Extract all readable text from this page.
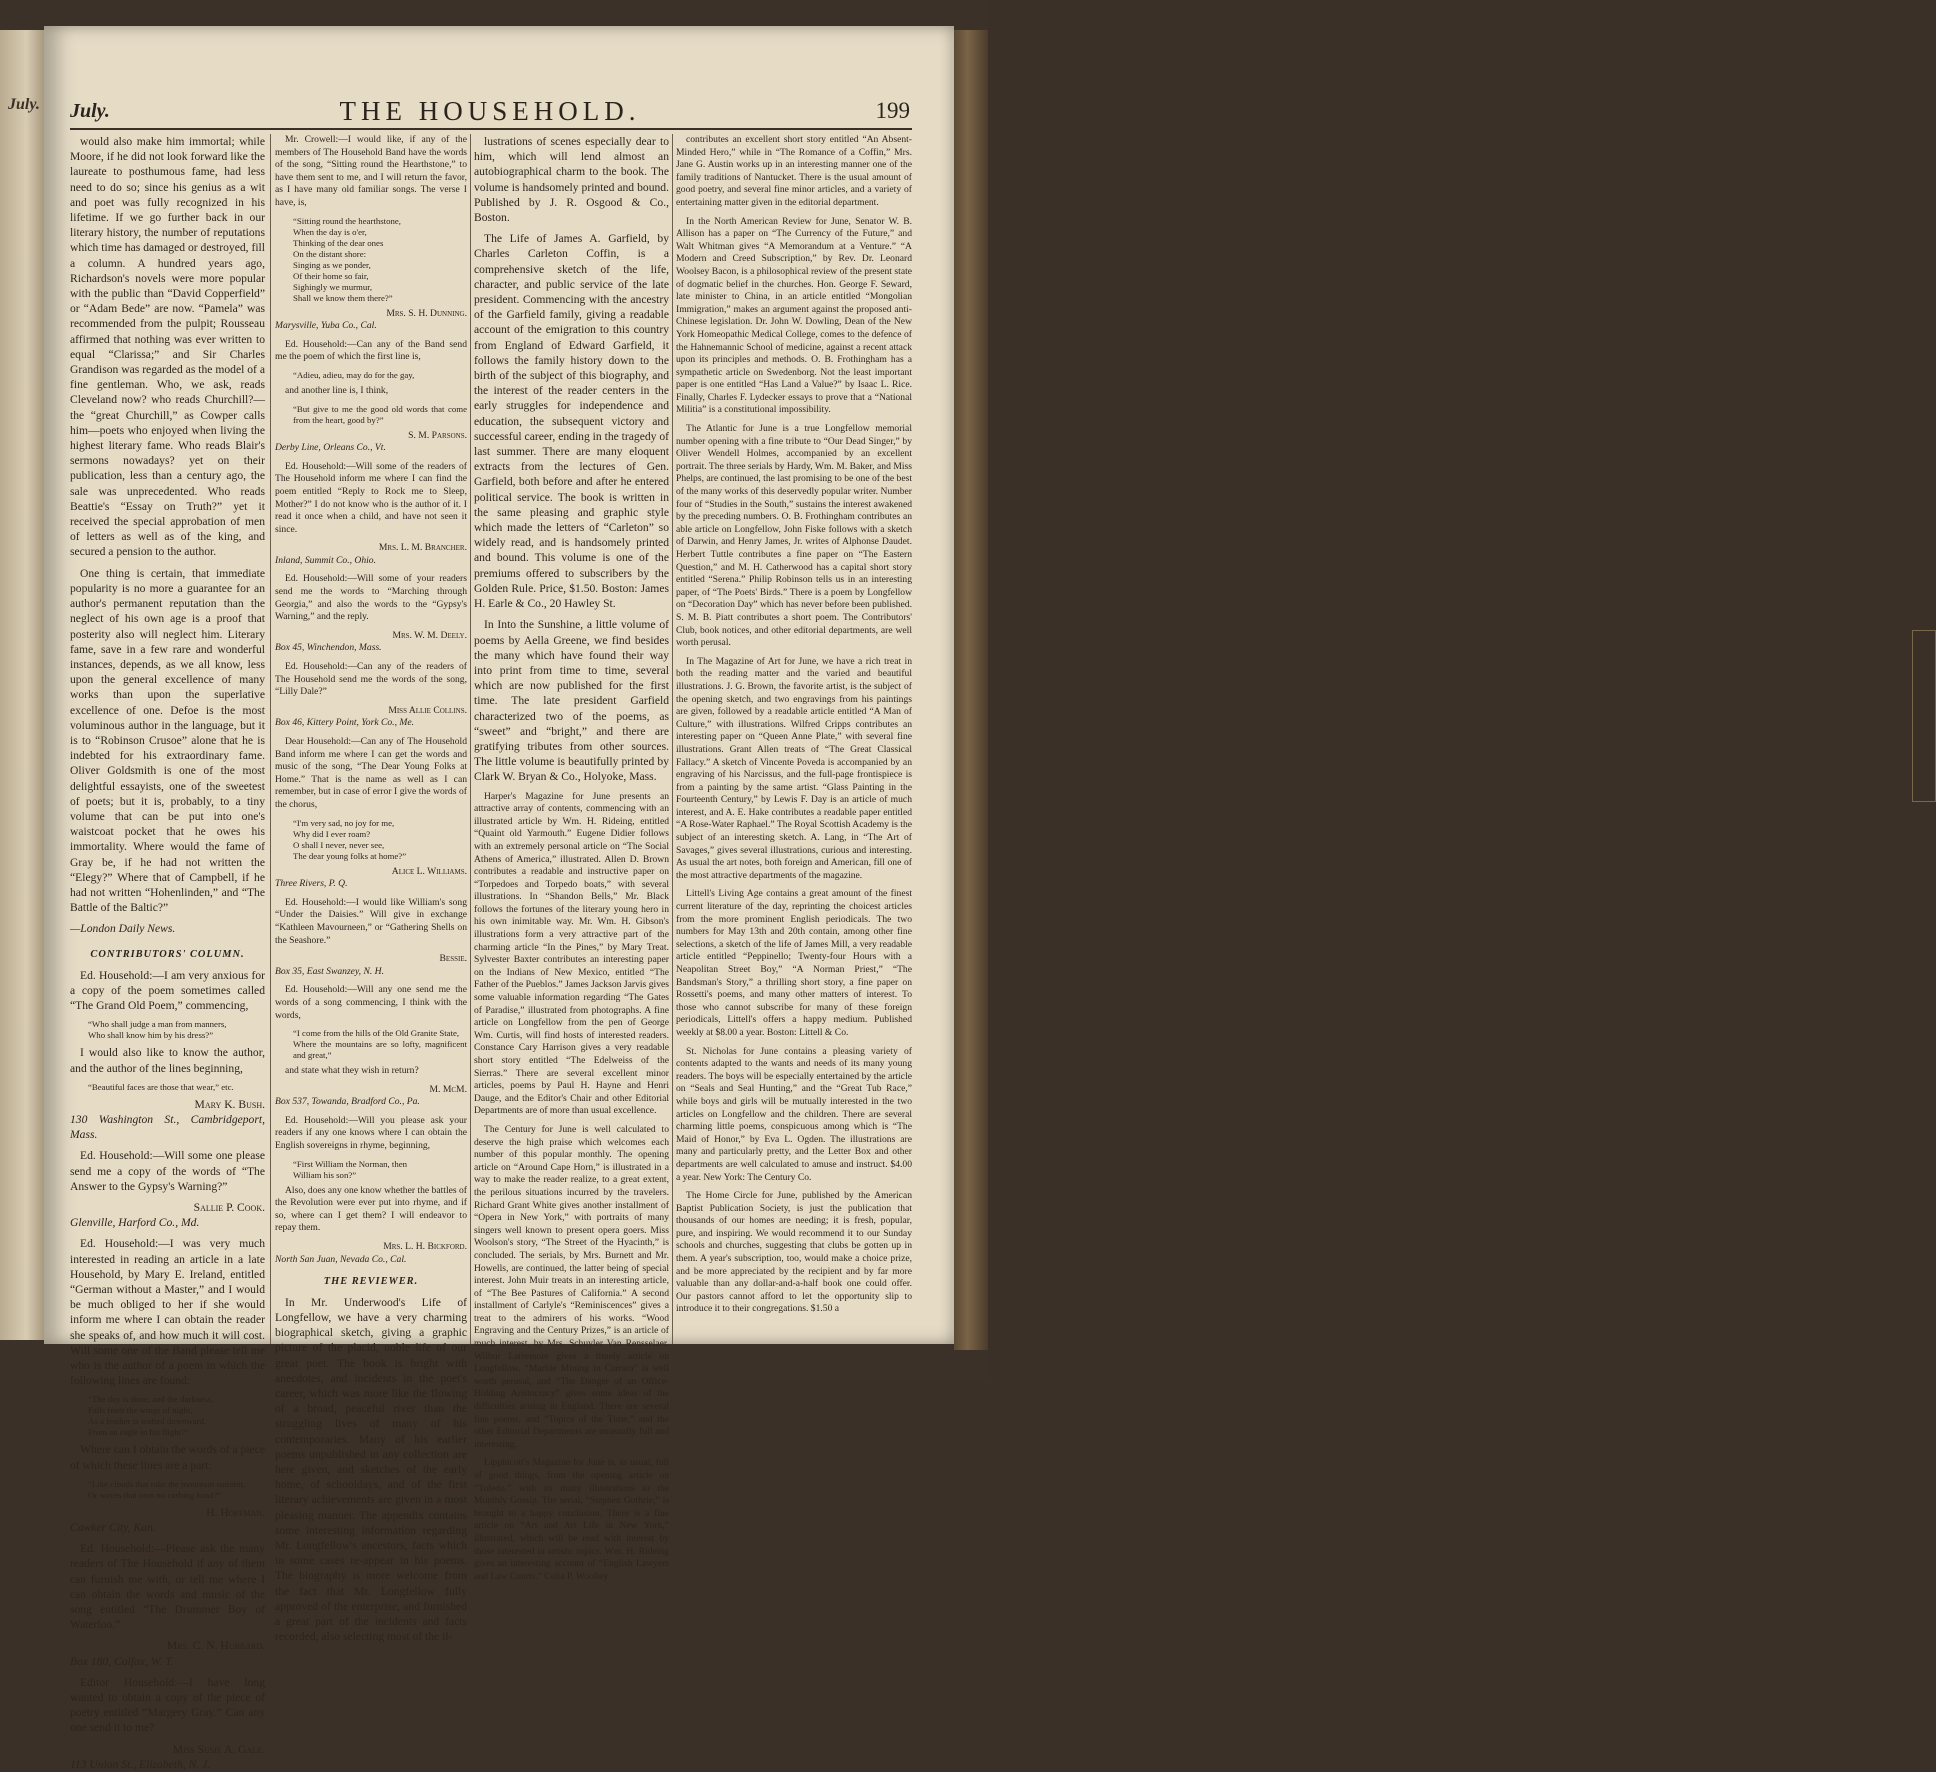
July. July.	THE HOUSEHOLD.	199

would also make him immortal; while Moore, if he did not look forward like the laureate to posthumous fame, had less need to do so; since his genius as a wit and poet was fully recognized in his lifetime. If we go further back in our literary history, the number of reputations which time has damaged or destroyed, fill a column. A hundred years ago, Richardson's novels were more popular with the public than “David Copperfield” or “Adam Bede” are now. “Pamela” was recommended from the pulpit; Rousseau affirmed that nothing was ever written to equal “Clarissa;” and Sir Charles Grandison was regarded as the model of a fine gentleman. Who, we ask, reads Cleveland now? who reads Churchill?—the “great Churchill,” as Cowper calls him—poets who enjoyed when living the highest literary fame. Who reads Blair's sermons nowadays? yet on their publication, less than a century ago, the sale was unprecedented. Who reads Beattie's “Essay on Truth?” yet it received the special approbation of men of letters as well as of the king, and secured a pension to the author.

One thing is certain, that immediate popularity is no more a guarantee for an author's permanent reputation than the neglect of his own age is a proof that posterity also will neglect him. Literary fame, save in a few rare and wonderful instances, depends, as we all know, less upon the general excellence of many works than upon the superlative excellence of one. Defoe is the most voluminous author in the language, but it is to “Robinson Crusoe” alone that he is indebted for his extraordinary fame. Oliver Goldsmith is one of the most delightful essayists, one of the sweetest of poets; but it is, probably, to a tiny volume that can be put into one's waistcoat pocket that he owes his immortality. Where would the fame of Gray be, if he had not written the “Elegy?” Where that of Campbell, if he had not written “Hohenlinden,” and “The Battle of the Baltic?”

—London Daily News.

CONTRIBUTORS' COLUMN.

Ed. Household:—I am very anxious for a copy of the poem sometimes called “The Grand Old Poem,” commencing,

“Who shall judge a man from manners,
Who shall know him by his dress?”

I would also like to know the author, and the author of the lines beginning,

“Beautiful faces are those that wear,” etc.

Mary K. Bush.

130 Washington St., Cambridgeport, Mass.

Ed. Household:—Will some one please send me a copy of the words of “The Answer to the Gypsy's Warning?”

Sallie P. Cook.

Glenville, Harford Co., Md.

Ed. Household:—I was very much interested in reading an article in a late Household, by Mary E. Ireland, entitled “German without a Master,” and I would be much obliged to her if she would inform me where I can obtain the reader she speaks of, and how much it will cost. Will some one of the Band please tell me who is the author of a poem in which the following lines are found:

“The day is done, and the darkness,
Falls from the wings of night,
As a feather is wafted downward,
From an eagle in his flight?”

Where can I obtain the words of a piece of which these lines are a part:

“Like clouds that rake the mountain summit,
Or waves that own no curbing hand?”

H. Hoffman.

Cawker City, Kan.

Ed. Household:—Please ask the many readers of The Household if any of them can furnish me with, or tell me where I can obtain the words and music of the song entitled “The Drummer Boy of Waterloo.”

Mrs. C. N. Hubbard.

Box 180, Colfax, W. T.

Editor Household:—I have long wanted to obtain a copy of the piece of poetry entitled “Margery Gray.” Can any one send it to me?

Miss Susie A. Gale.

113 Union St., Elizabeth, N. J.

Mr. Crowell:—I would like, if any of the members of The Household Band have the words of the song, “Sitting round the Hearthstone,” to have them sent to me, and I will return the favor, as I have many old familiar songs. The verse I have, is,

“Sitting round the hearthstone,
When the day is o'er,
Thinking of the dear ones
On the distant shore:
Singing as we ponder,
Of their home so fair,
Sighingly we murmur,
Shall we know them there?”

Mrs. S. H. Dunning.

Marysville, Yuba Co., Cal.

Ed. Household:—Can any of the Band send me the poem of which the first line is,

“Adieu, adieu, may do for the gay,

and another line is, I think,

“But give to me the good old words that come from the heart, good by?”

S. M. Parsons.

Derby Line, Orleans Co., Vt.

Ed. Household:—Will some of the readers of The Household inform me where I can find the poem entitled “Reply to Rock me to Sleep, Mother?” I do not know who is the author of it. I read it once when a child, and have not seen it since.

Mrs. L. M. Brancher.

Inland, Summit Co., Ohio.

Ed. Household:—Will some of your readers send me the words to “Marching through Georgia,” and also the words to the “Gypsy's Warning,” and the reply.

Mrs. W. M. Deely.

Box 45, Winchendon, Mass.

Ed. Household:—Can any of the readers of The Household send me the words of the song, “Lilly Dale?”

Miss Allie Collins.

Box 46, Kittery Point, York Co., Me.

Dear Household:—Can any of The Household Band inform me where I can get the words and music of the song, “The Dear Young Folks at Home.” That is the name as well as I can remember, but in case of error I give the words of the chorus,

“I'm very sad, no joy for me,
Why did I ever roam?
O shall I never, never see,
The dear young folks at home?”

Alice L. Williams.

Three Rivers, P. Q.

Ed. Household:—I would like William's song “Under the Daisies.” Will give in exchange “Kathleen Mavourneen,” or “Gathering Shells on the Seashore.”

Bessie.

Box 35, East Swanzey, N. H.

Ed. Household:—Will any one send me the words of a song commencing, I think with the words,

“I come from the hills of the Old Granite State,
Where the mountains are so lofty, magnificent and great,”

and state what they wish in return?

M. McM.

Box 537, Towanda, Bradford Co., Pa.

Ed. Household:—Will you please ask your readers if any one knows where I can obtain the English sovereigns in rhyme, beginning,

“First William the Norman, then
William his son?”

Also, does any one know whether the battles of the Revolution were ever put into rhyme, and if so, where can I get them? I will endeavor to repay them.

Mrs. L. H. Bickford.

North San Juan, Nevada Co., Cal.

THE REVIEWER.

In Mr. Underwood's Life of Longfellow, we have a very charming biographical sketch, giving a graphic picture of the placid, noble life of our great poet. The book is bright with anecdotes, and incidents in the poet's career, which was more like the flowing of a broad, peaceful river than the struggling lives of many of his contemporaries. Many of his earlier poems unpublished in any collection are here given, and sketches of the early home, of schooldays, and of the first literary achievements are given in a most pleasing manner. The appendix contains some interesting information regarding Mr. Longfellow's ancestors, facts which in some cases re-appear in his poems. The biography is more welcome from the fact that Mr. Longfellow fully approved of the enterprise, and furnished a great part of the incidents and facts recorded, also selecting most of the il-

lustrations of scenes especially dear to him, which will lend almost an autobiographical charm to the book. The volume is handsomely printed and bound. Published by J. R. Osgood & Co., Boston.

The Life of James A. Garfield, by Charles Carleton Coffin, is a comprehensive sketch of the life, character, and public service of the late president. Commencing with the ancestry of the Garfield family, giving a readable account of the emigration to this country from England of Edward Garfield, it follows the family history down to the birth of the subject of this biography, and the interest of the reader centers in the early struggles for independence and education, the subsequent victory and successful career, ending in the tragedy of last summer. There are many eloquent extracts from the lectures of Gen. Garfield, both before and after he entered political service. The book is written in the same pleasing and graphic style which made the letters of “Carleton” so widely read, and is handsomely printed and bound. This volume is one of the premiums offered to subscribers by the Golden Rule. Price, $1.50. Boston: James H. Earle & Co., 20 Hawley St.

In Into the Sunshine, a little volume of poems by Aella Greene, we find besides the many which have found their way into print from time to time, several which are now published for the first time. The late president Garfield characterized two of the poems, as “sweet” and “bright,” and there are gratifying tributes from other sources. The little volume is beautifully printed by Clark W. Bryan & Co., Holyoke, Mass.

Harper's Magazine for June presents an attractive array of contents, commencing with an illustrated article by Wm. H. Rideing, entitled “Quaint old Yarmouth.” Eugene Didier follows with an extremely personal article on “The Social Athens of America,” illustrated. Allen D. Brown contributes a readable and instructive paper on “Torpedoes and Torpedo boats,” with several illustrations. In “Shandon Bells,” Mr. Black follows the fortunes of the literary young hero in his own inimitable way. Mr. Wm. H. Gibson's illustrations form a very attractive part of the charming article “In the Pines,” by Mary Treat. Sylvester Baxter contributes an interesting paper on the Indians of New Mexico, entitled “The Father of the Pueblos.” James Jackson Jarvis gives some valuable information regarding “The Gates of Paradise,” illustrated from photographs. A fine article on Longfellow from the pen of George Wm. Curtis, will find hosts of interested readers. Constance Cary Harrison gives a very readable short story entitled “The Edelweiss of the Sierras.” There are several excellent minor articles, poems by Paul H. Hayne and Henri Dauge, and the Editor's Chair and other Editorial Departments are of more than usual excellence.

The Century for June is well calculated to deserve the high praise which welcomes each number of this popular monthly. The opening article on “Around Cape Horn,” is illustrated in a way to make the reader realize, to a great extent, the perilous situations incurred by the travelers. Richard Grant White gives another installment of “Opera in New York,” with portraits of many singers well known to present opera goers. Miss Woolson's story, “The Street of the Hyacinth,” is concluded. The serials, by Mrs. Burnett and Mr. Howells, are continued, the latter being of special interest. John Muir treats in an interesting article, of “The Bee Pastures of California.” A second installment of Carlyle's “Reminiscences” gives a treat to the admirers of his works. “Wood Engraving and the Century Prizes,” is an article of much interest, by Mrs. Schuyler Van Rensselaer. Wilbur Larremore gives a timely article on Longfellow. “Marble Mining in Carrara” is well worth perusal, and “The Danger of an Office-Holding Aristocracy” gives some ideas of the difficulties arising in England. There are several fine poems, and “Topics of the Time,” and the other Editorial Departments are unusually full and interesting.

Lippincott's Magazine for June is, as usual, full of good things, from the opening article on “Toledo,” with its many illustrations to the Monthly Gossip. The serial, “Stephen Guthrie,” is brought to a happy conclusion. There is a fine article on “Art and Art Life in New York,” illustrated, which will be read with interest by those interested in artistic topics. Wm. H. Rideing gives an interesting account of “English Lawyers and Law Courts.” Celia P. Woolley

contributes an excellent short story entitled “An Absent-Minded Hero,” while in “The Romance of a Coffin,” Mrs. Jane G. Austin works up in an interesting manner one of the family traditions of Nantucket. There is the usual amount of good poetry, and several fine minor articles, and a variety of entertaining matter given in the editorial department.

In the North American Review for June, Senator W. B. Allison has a paper on “The Currency of the Future,” and Walt Whitman gives “A Memorandum at a Venture.” “A Modern and Creed Subscription,” by Rev. Dr. Leonard Woolsey Bacon, is a philosophical review of the present state of dogmatic belief in the churches. Hon. George F. Seward, late minister to China, in an article entitled “Mongolian Immigration,” makes an argument against the proposed anti-Chinese legislation. Dr. John W. Dowling, Dean of the New York Homeopathic Medical College, comes to the defence of the Hahnemannic School of medicine, against a recent attack upon its principles and methods. O. B. Frothingham has a sympathetic article on Swedenborg. Not the least important paper is one entitled “Has Land a Value?” by Isaac L. Rice. Finally, Charles F. Lydecker essays to prove that a “National Militia” is a constitutional impossibility.

The Atlantic for June is a true Longfellow memorial number opening with a fine tribute to “Our Dead Singer,” by Oliver Wendell Holmes, accompanied by an excellent portrait. The three serials by Hardy, Wm. M. Baker, and Miss Phelps, are continued, the last promising to be one of the best of the many works of this deservedly popular writer. Number four of “Studies in the South,” sustains the interest awakened by the preceding numbers. O. B. Frothingham contributes an able article on Longfellow, John Fiske follows with a sketch of Darwin, and Henry James, Jr. writes of Alphonse Daudet. Herbert Tuttle contributes a fine paper on “The Eastern Question,” and M. H. Catherwood has a capital short story entitled “Serena.” Philip Robinson tells us in an interesting paper, of “The Poets' Birds.” There is a poem by Longfellow on “Decoration Day” which has never before been published. S. M. B. Piatt contributes a short poem. The Contributors' Club, book notices, and other editorial departments, are well worth perusal.

In The Magazine of Art for June, we have a rich treat in both the reading matter and the varied and beautiful illustrations. J. G. Brown, the favorite artist, is the subject of the opening sketch, and two engravings from his paintings are given, followed by a readable article entitled “A Man of Culture,” with illustrations. Wilfred Cripps contributes an interesting paper on “Queen Anne Plate,” with several fine illustrations. Grant Allen treats of “The Great Classical Fallacy.” A sketch of Vincente Poveda is accompanied by an engraving of his Narcissus, and the full-page frontispiece is from a painting by the same artist. “Glass Painting in the Fourteenth Century,” by Lewis F. Day is an article of much interest, and A. E. Hake contributes a readable paper entitled “A Rose-Water Raphael.” The Royal Scottish Academy is the subject of an interesting sketch. A. Lang, in “The Art of Savages,” gives several illustrations, curious and interesting. As usual the art notes, both foreign and American, fill one of the most attractive departments of the magazine.

Littell's Living Age contains a great amount of the finest current literature of the day, reprinting the choicest articles from the more prominent English periodicals. The two numbers for May 13th and 20th contain, among other fine selections, a sketch of the life of James Mill, a very readable article entitled “Peppinello; Twenty-four Hours with a Neapolitan Street Boy,” “A Norman Priest,” “The Bandsman's Story,” a thrilling short story, a fine paper on Rossetti's poems, and many other matters of interest. To those who cannot subscribe for many of these foreign periodicals, Littell's offers a happy medium. Published weekly at $8.00 a year. Boston: Littell & Co.

St. Nicholas for June contains a pleasing variety of contents adapted to the wants and needs of its many young readers. The boys will be especially entertained by the article on “Seals and Seal Hunting,” and the “Great Tub Race,” while boys and girls will be mutually interested in the two articles on Longfellow and the children. There are several charming little poems, conspicuous among which is “The Maid of Honor,” by Eva L. Ogden. The illustrations are many and particularly pretty, and the Letter Box and other departments are well calculated to amuse and instruct. $4.00 a year. New York: The Century Co.

The Home Circle for June, published by the American Baptist Publication Society, is just the publication that thousands of our homes are needing; it is fresh, popular, pure, and inspiring. We would recommend it to our Sunday schools and churches, suggesting that clubs be gotten up in them. A year's subscription, too, would make a choice prize, and be more appreciated by the recipient and by far more valuable than any dollar-and-a-half book one could offer. Our pastors cannot afford to let the opportunity slip to introduce it to their congregations. $1.50 a
